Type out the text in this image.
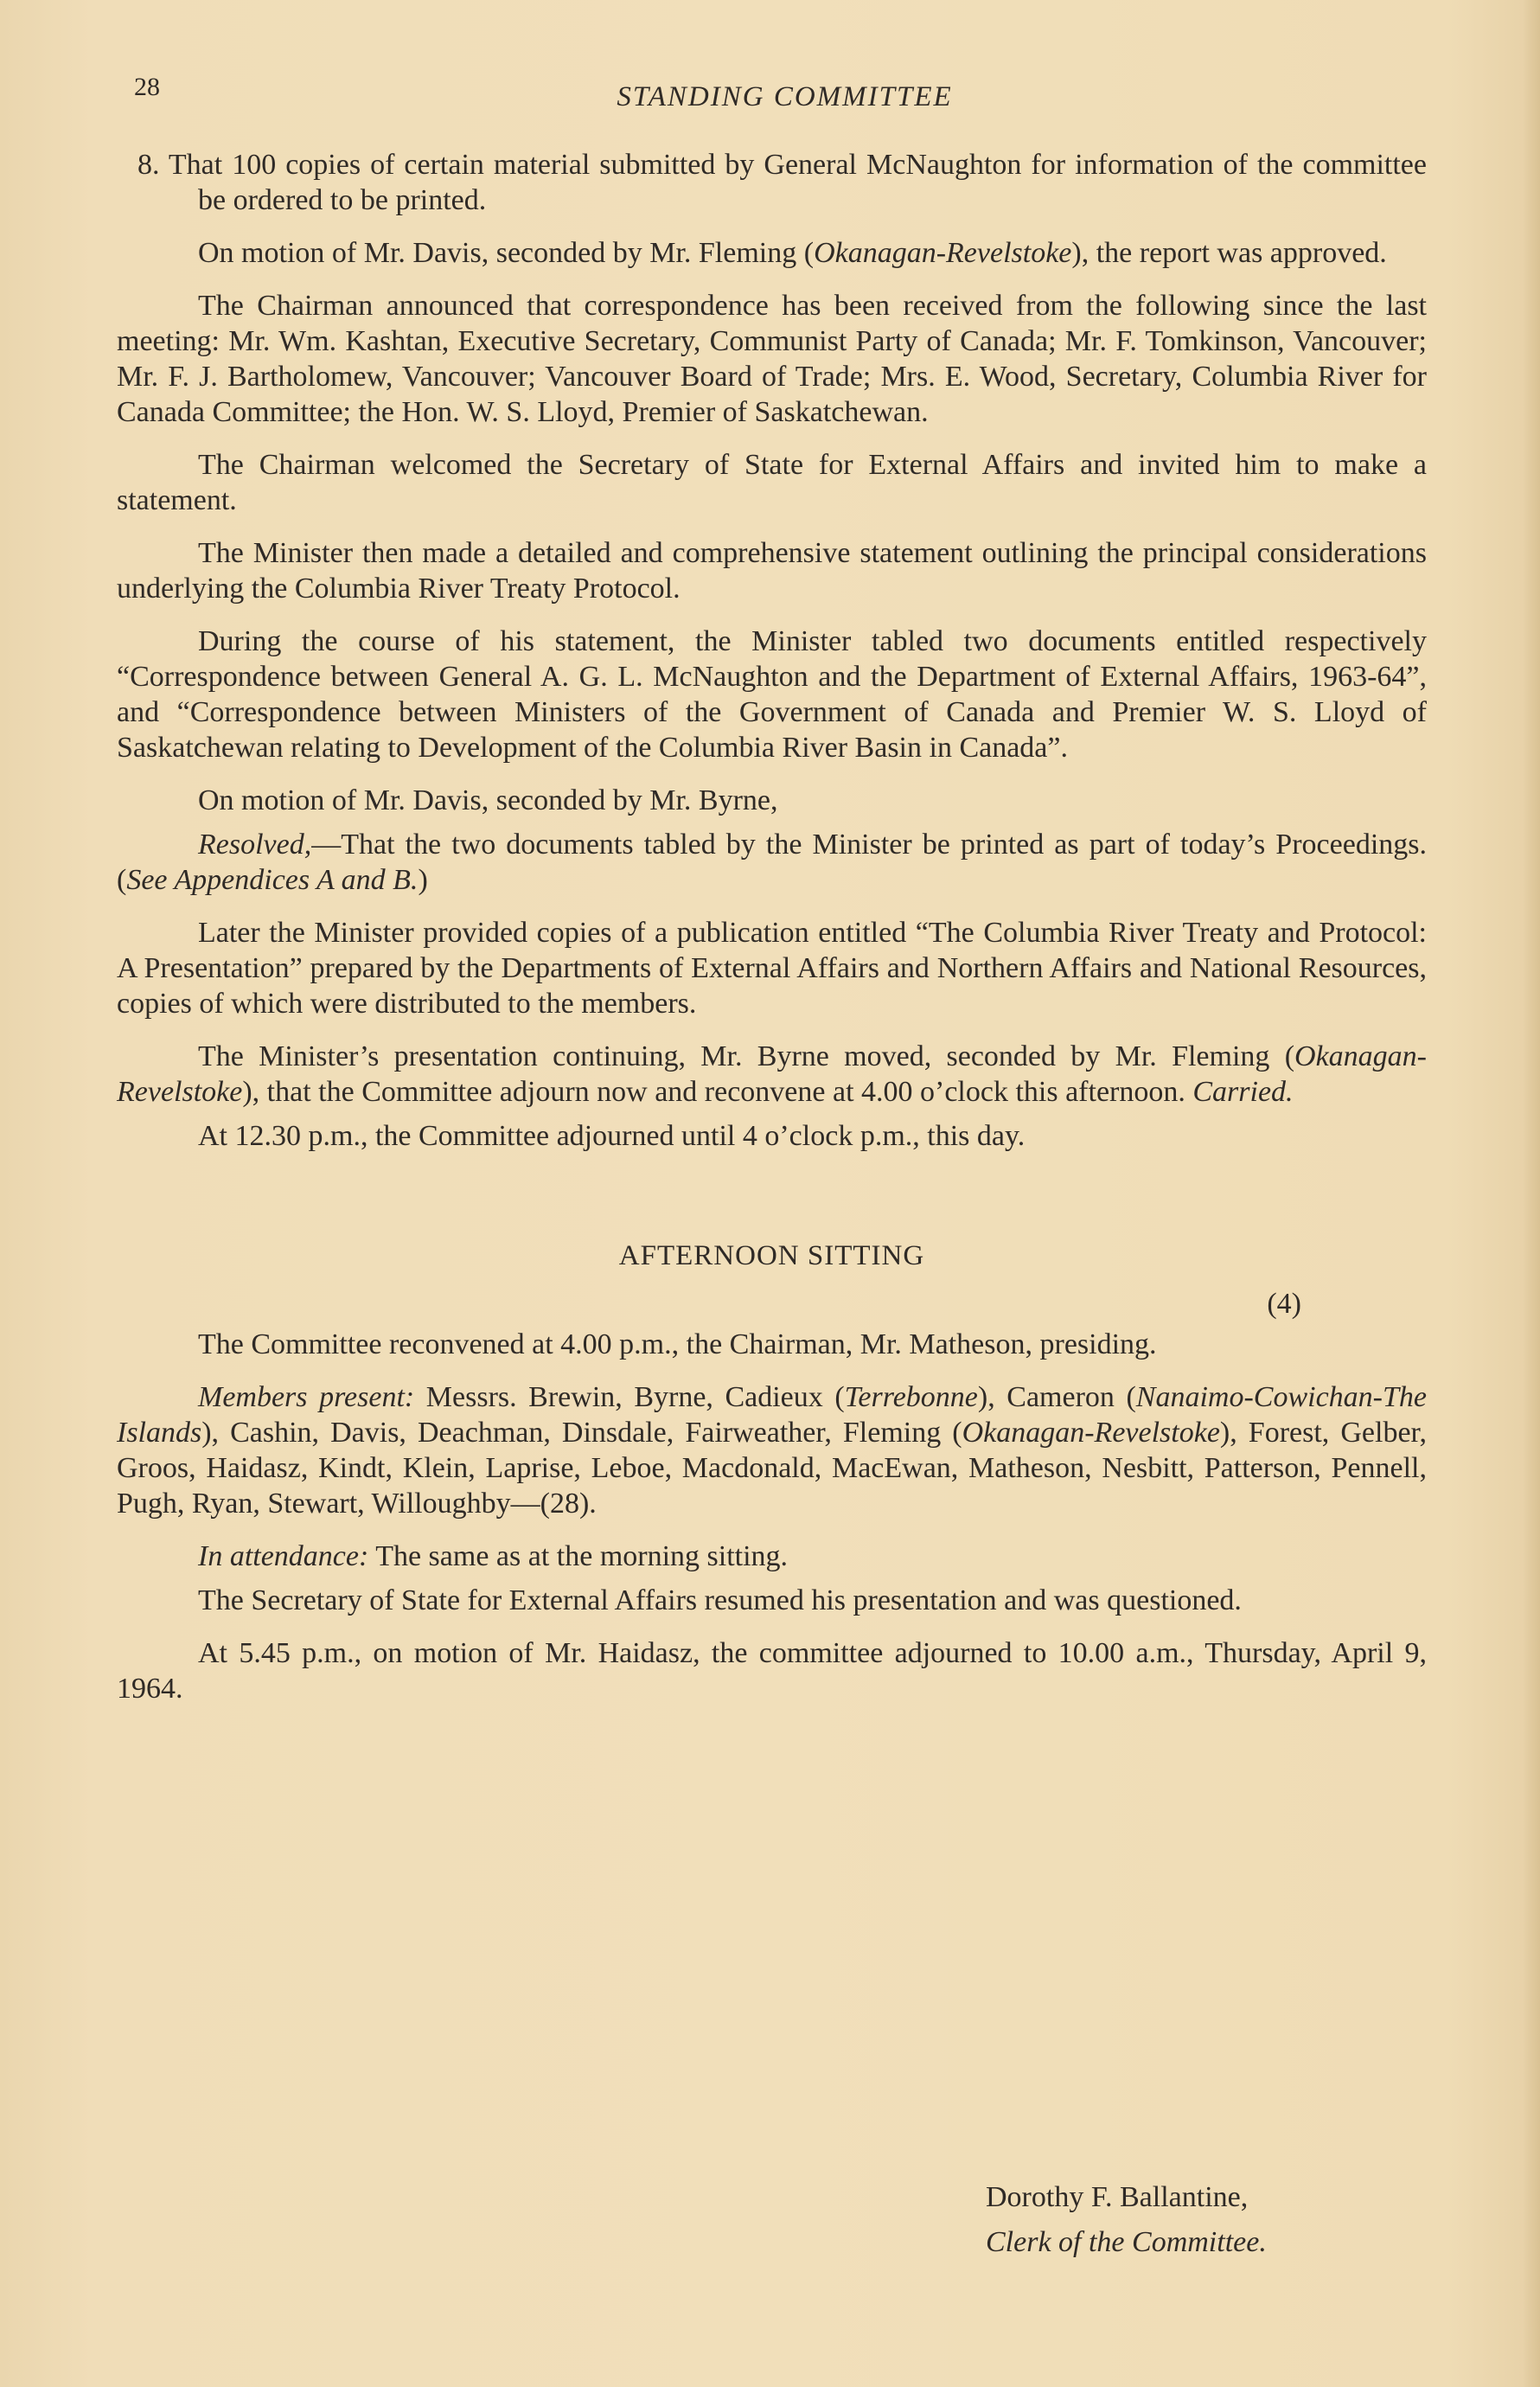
28	STANDING COMMITTEE

8. That 100 copies of certain material submitted by General McNaughton for information of the committee be ordered to be printed.

On motion of Mr. Davis, seconded by Mr. Fleming (Okanagan-Revelstoke), the report was approved.

The Chairman announced that correspondence has been received from the following since the last meeting: Mr. Wm. Kashtan, Executive Secretary, Communist Party of Canada; Mr. F. Tomkinson, Vancouver; Mr. F. J. Bartholomew, Vancouver; Vancouver Board of Trade; Mrs. E. Wood, Secretary, Columbia River for Canada Committee; the Hon. W. S. Lloyd, Premier of Saskatchewan.

The Chairman welcomed the Secretary of State for External Affairs and invited him to make a statement.

The Minister then made a detailed and comprehensive statement outlining the principal considerations underlying the Columbia River Treaty Protocol.

During the course of his statement, the Minister tabled two documents entitled respectively “Correspondence between General A. G. L. McNaughton and the Department of External Affairs, 1963-64”, and “Correspondence between Ministers of the Government of Canada and Premier W. S. Lloyd of Saskatchewan relating to Development of the Columbia River Basin in Canada”.

On motion of Mr. Davis, seconded by Mr. Byrne,

Resolved,—That the two documents tabled by the Minister be printed as part of today’s Proceedings. (See Appendices A and B.)

Later the Minister provided copies of a publication entitled “The Columbia River Treaty and Protocol: A Presentation” prepared by the Departments of External Affairs and Northern Affairs and National Resources, copies of which were distributed to the members.

The Minister’s presentation continuing, Mr. Byrne moved, seconded by Mr. Fleming (Okanagan-Revelstoke), that the Committee adjourn now and reconvene at 4.00 o’clock this afternoon. Carried.

At 12.30 p.m., the Committee adjourned until 4 o’clock p.m., this day.

AFTERNOON SITTING
(4)

The Committee reconvened at 4.00 p.m., the Chairman, Mr. Matheson, presiding.

Members present: Messrs. Brewin, Byrne, Cadieux (Terrebonne), Cameron (Nanaimo-Cowichan-The Islands), Cashin, Davis, Deachman, Dinsdale, Fairweather, Fleming (Okanagan-Revelstoke), Forest, Gelber, Groos, Haidasz, Kindt, Klein, Laprise, Leboe, Macdonald, MacEwan, Matheson, Nesbitt, Patterson, Pennell, Pugh, Ryan, Stewart, Willoughby—(28).

In attendance: The same as at the morning sitting.

The Secretary of State for External Affairs resumed his presentation and was questioned.

At 5.45 p.m., on motion of Mr. Haidasz, the committee adjourned to 10.00 a.m., Thursday, April 9, 1964.

Dorothy F. Ballantine,
Clerk of the Committee.
